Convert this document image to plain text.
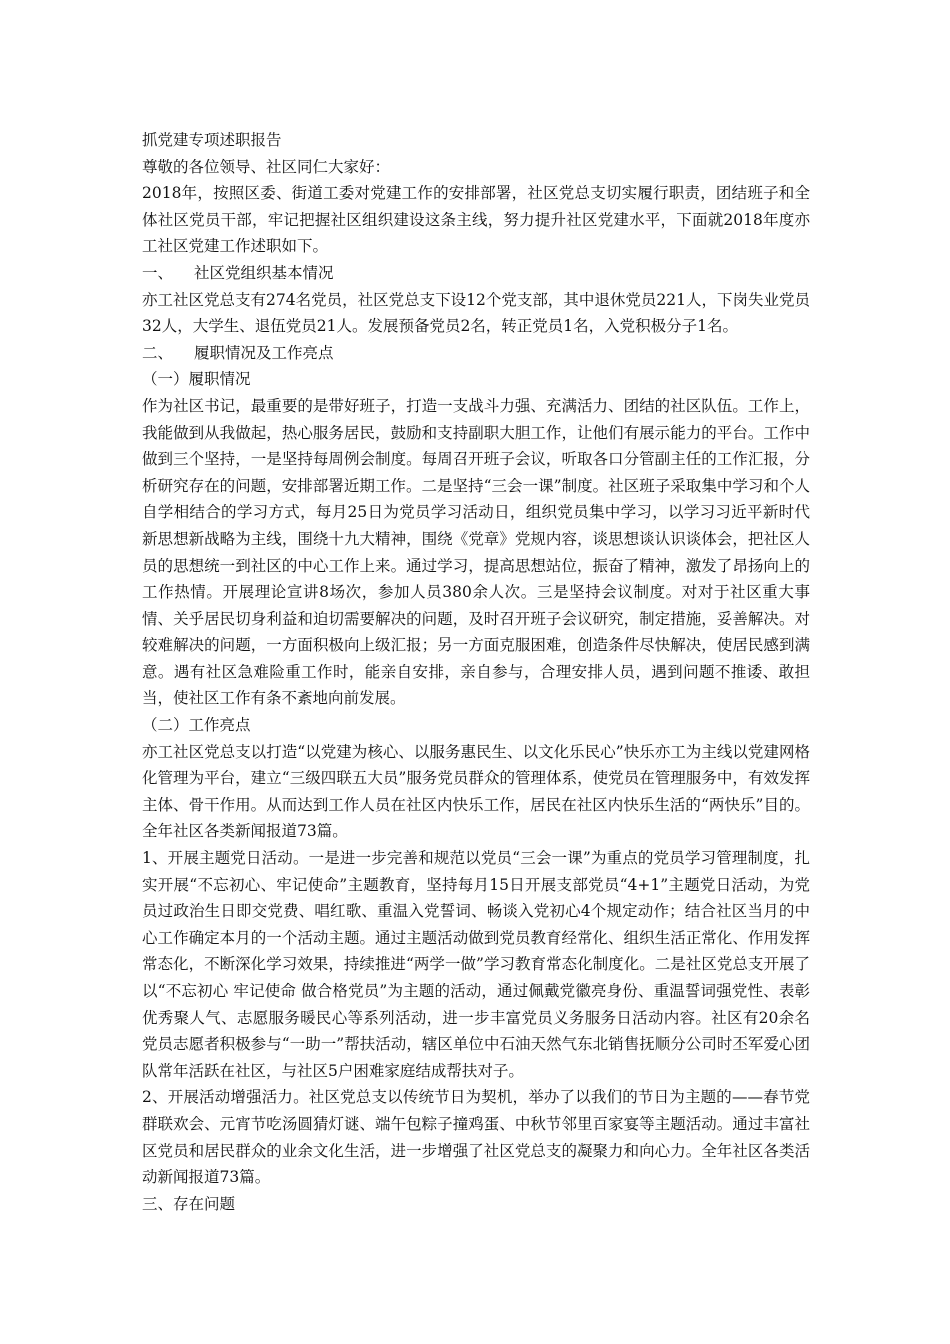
抓党建专项述职报告

尊敬的各位领导、社区同仁大家好：

2018年，按照区委、街道工委对党建工作的安排部署，社区党总支切实履行职责，团结班子和全体社区党员干部，牢记把握社区组织建设这条主线，努力提升社区党建水平，下面就2018年度亦工社区党建工作述职如下。

一、	社区党组织基本情况

亦工社区党总支有274名党员，社区党总支下设12个党支部，其中退休党员221人，下岗失业党员32人，大学生、退伍党员21人。发展预备党员2名，转正党员1名，入党积极分子1名。

二、	履职情况及工作亮点

（一）履职情况

作为社区书记，最重要的是带好班子，打造一支战斗力强、充满活力、团结的社区队伍。工作上，我能做到从我做起，热心服务居民，鼓励和支持副职大胆工作，让他们有展示能力的平台。工作中做到三个坚持，一是坚持每周例会制度。每周召开班子会议，听取各口分管副主任的工作汇报，分析研究存在的问题，安排部署近期工作。二是坚持“三会一课”制度。社区班子采取集中学习和个人自学相结合的学习方式，每月25日为党员学习活动日，组织党员集中学习，以学习习近平新时代新思想新战略为主线，围绕十九大精神，围绕《党章》党规内容，谈思想谈认识谈体会，把社区人员的思想统一到社区的中心工作上来。通过学习，提高思想站位，振奋了精神，激发了昂扬向上的工作热情。开展理论宣讲8场次，参加人员380余人次。三是坚持会议制度。对对于社区重大事情、关乎居民切身利益和迫切需要解决的问题，及时召开班子会议研究，制定措施，妥善解决。对较难解决的问题，一方面积极向上级汇报；另一方面克服困难，创造条件尽快解决，使居民感到满意。遇有社区急难险重工作时，能亲自安排，亲自参与，合理安排人员，遇到问题不推诿、敢担当，使社区工作有条不紊地向前发展。

（二）工作亮点

亦工社区党总支以打造“以党建为核心、以服务惠民生、以文化乐民心”快乐亦工为主线以党建网格化管理为平台，建立“三级四联五大员”服务党员群众的管理体系，使党员在管理服务中，有效发挥主体、骨干作用。从而达到工作人员在社区内快乐工作，居民在社区内快乐生活的“两快乐”目的。全年社区各类新闻报道73篇。

1、开展主题党日活动。一是进一步完善和规范以党员“三会一课”为重点的党员学习管理制度，扎实开展“不忘初心、牢记使命”主题教育，坚持每月15日开展支部党员“4+1”主题党日活动，为党员过政治生日即交党费、唱红歌、重温入党誓词、畅谈入党初心4个规定动作；结合社区当月的中心工作确定本月的一个活动主题。通过主题活动做到党员教育经常化、组织生活正常化、作用发挥常态化，不断深化学习效果，持续推进“两学一做”学习教育常态化制度化。二是社区党总支开展了以“不忘初心 牢记使命 做合格党员”为主题的活动，通过佩戴党徽亮身份、重温誓词强党性、表彰优秀聚人气、志愿服务暖民心等系列活动，进一步丰富党员义务服务日活动内容。社区有20余名党员志愿者积极参与“一助一”帮扶活动，辖区单位中石油天然气东北销售抚顺分公司时丕军爱心团队常年活跃在社区，与社区5户困难家庭结成帮扶对子。

2、开展活动增强活力。社区党总支以传统节日为契机，举办了以我们的节日为主题的——春节党群联欢会、元宵节吃汤圆猜灯谜、端午包粽子撞鸡蛋、中秋节邻里百家宴等主题活动。通过丰富社区党员和居民群众的业余文化生活，进一步增强了社区党总支的凝聚力和向心力。全年社区各类活动新闻报道73篇。

三、存在问题
